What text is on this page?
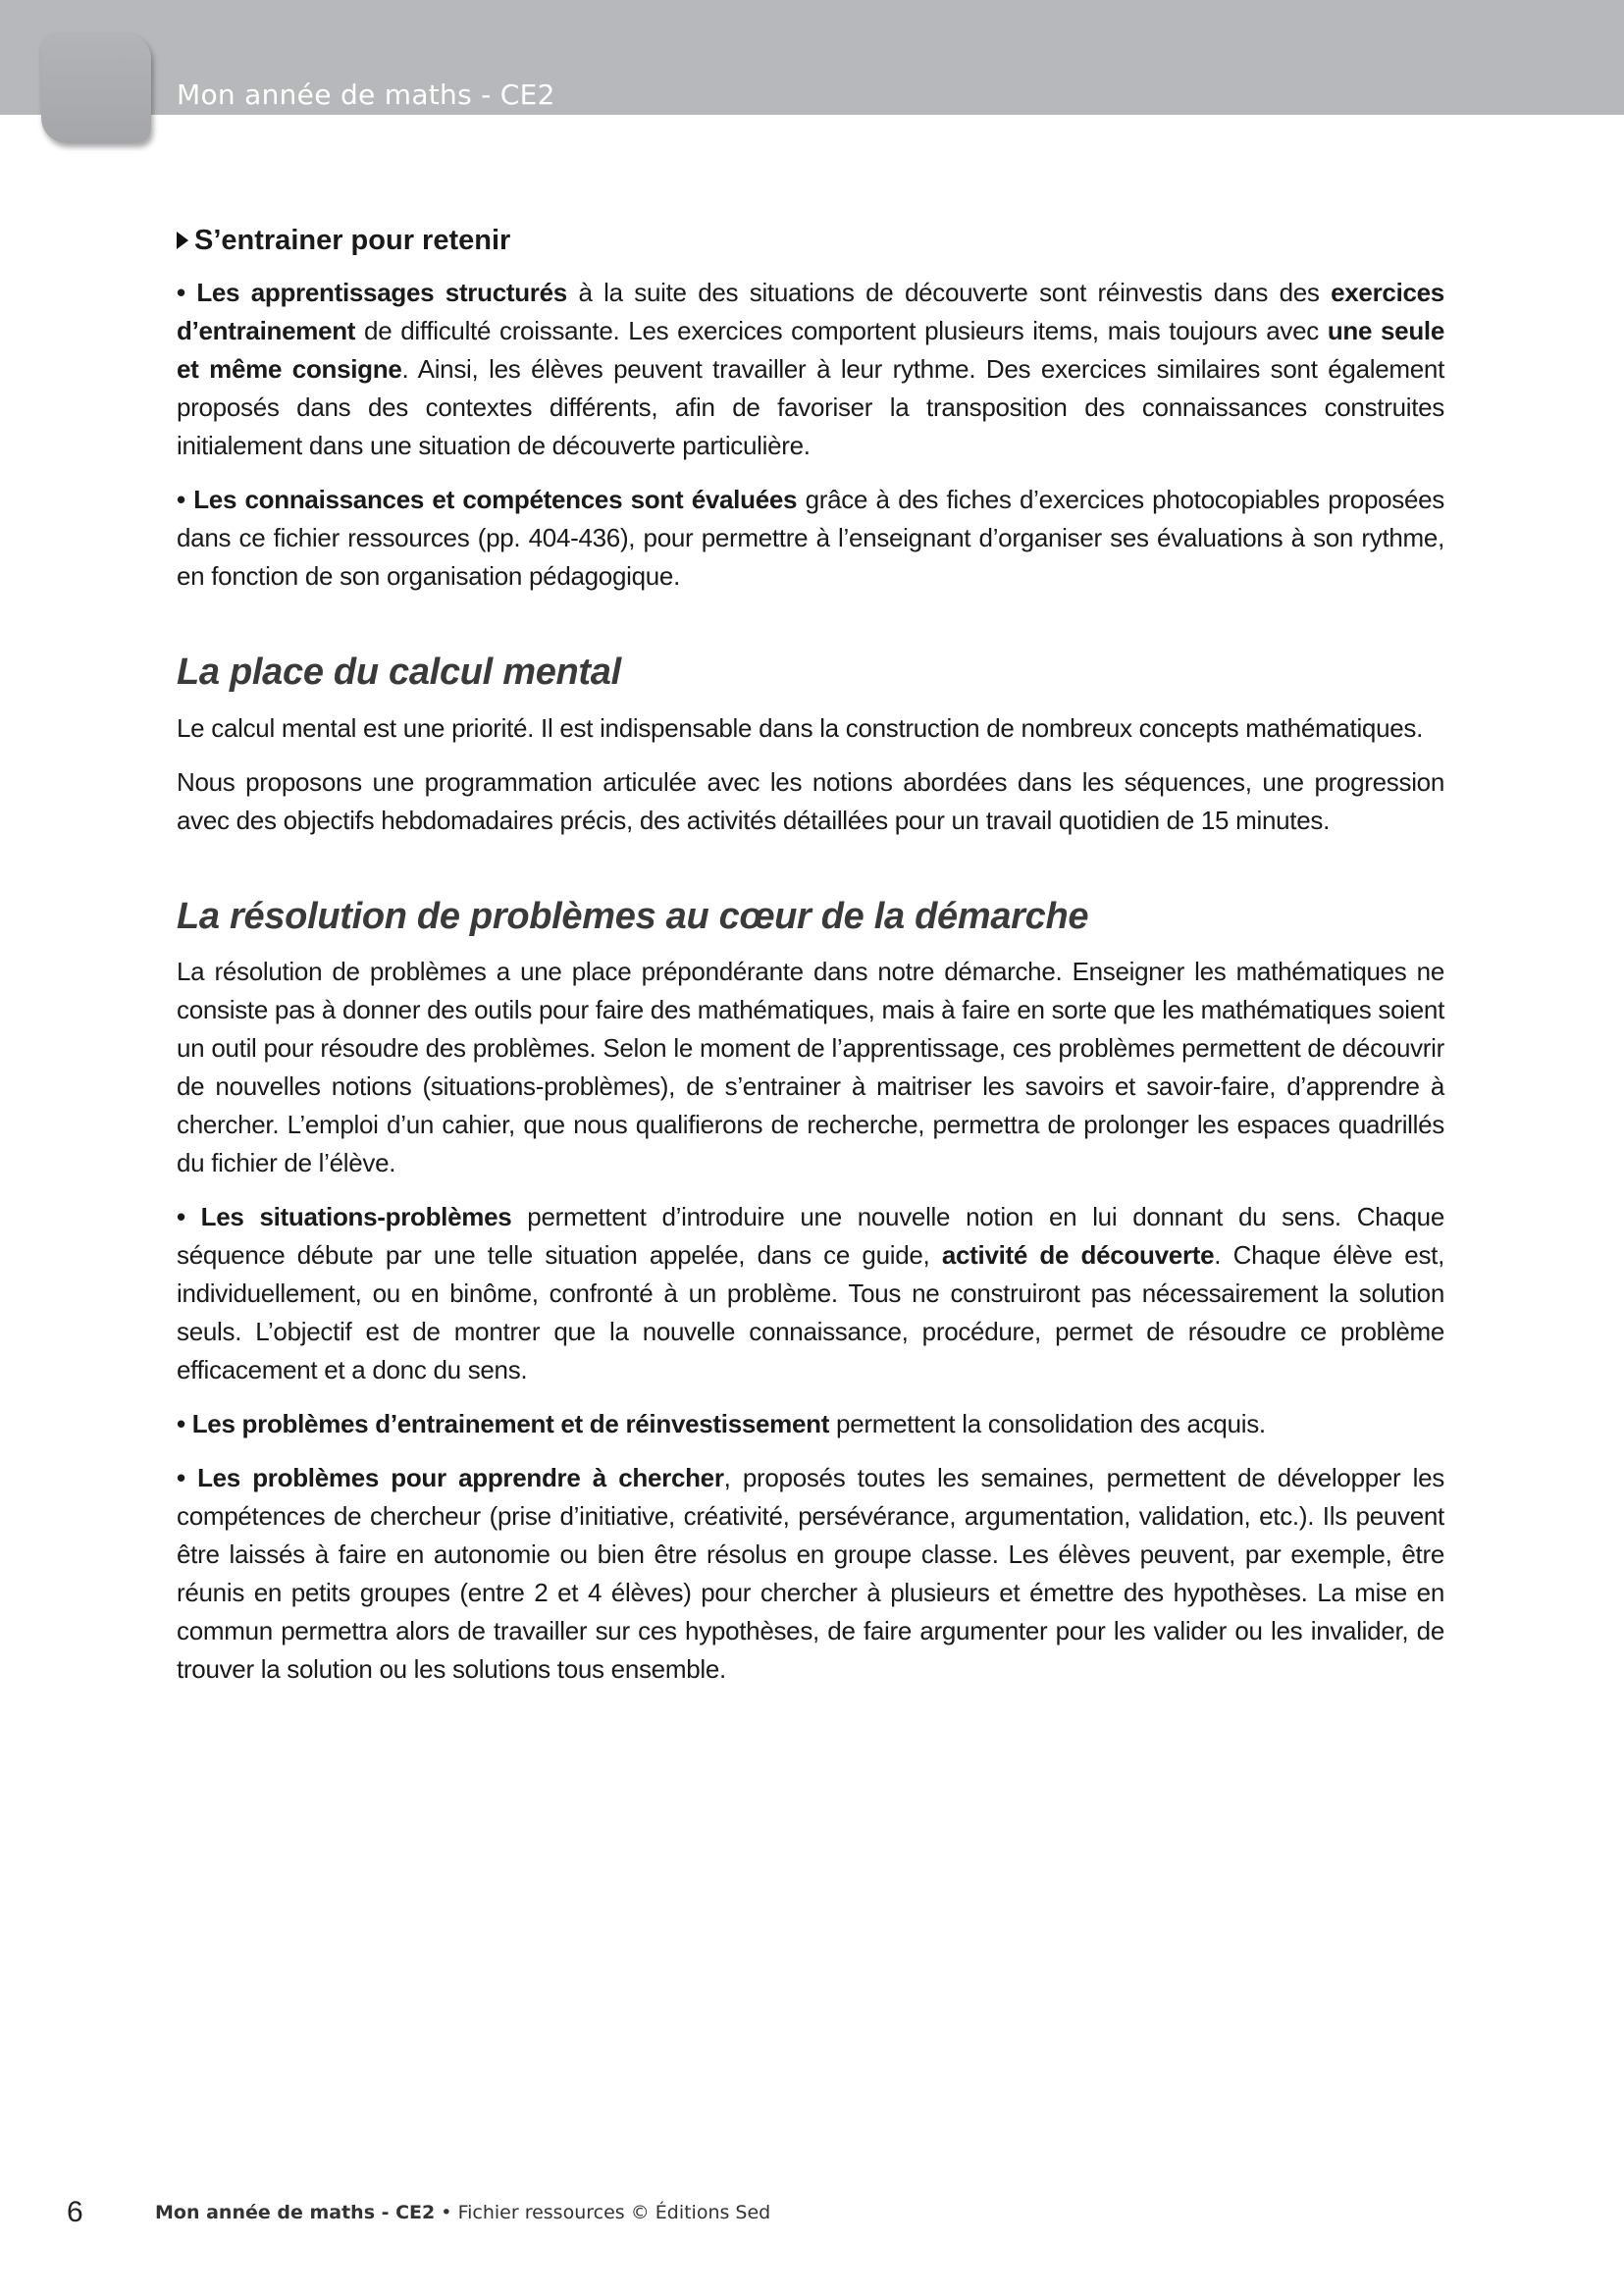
Mon année de maths - CE2
S’entrainer pour retenir

• Les apprentissages structurés à la suite des situations de découverte sont réinvestis dans des exercices d’entrainement de difficulté croissante. Les exercices comportent plusieurs items, mais toujours avec une seule et même consigne. Ainsi, les élèves peuvent travailler à leur rythme. Des exercices similaires sont également proposés dans des contextes différents, afin de favoriser la transposition des connaissances construites initialement dans une situation de découverte particulière.

• Les connaissances et compétences sont évaluées grâce à des fiches d’exercices photocopiables proposées dans ce fichier ressources (pp. 404-436), pour permettre à l’enseignant d’organiser ses évaluations à son rythme, en fonction de son organisation pédagogique.

La place du calcul mental

Le calcul mental est une priorité. Il est indispensable dans la construction de nombreux concepts mathématiques.

Nous proposons une programmation articulée avec les notions abordées dans les séquences, une progression avec des objectifs hebdomadaires précis, des activités détaillées pour un travail quotidien de 15 minutes.

La résolution de problèmes au cœur de la démarche

La résolution de problèmes a une place prépondérante dans notre démarche. Enseigner les mathématiques ne consiste pas à donner des outils pour faire des mathématiques, mais à faire en sorte que les mathématiques soient un outil pour résoudre des problèmes. Selon le moment de l’apprentissage, ces problèmes permettent de découvrir de nouvelles notions (situations-problèmes), de s’entrainer à maitriser les savoirs et savoir-faire, d’apprendre à chercher. L’emploi d’un cahier, que nous qualifierons de recherche, permettra de prolonger les espaces quadrillés du fichier de l’élève.

• Les situations-problèmes permettent d’introduire une nouvelle notion en lui donnant du sens. Chaque séquence débute par une telle situation appelée, dans ce guide, activité de découverte. Chaque élève est, individuellement, ou en binôme, confronté à un problème. Tous ne construiront pas nécessairement la solution seuls. L’objectif est de montrer que la nouvelle connaissance, procédure, permet de résoudre ce problème efficacement et a donc du sens.

• Les problèmes d’entrainement et de réinvestissement permettent la consolidation des acquis.

• Les problèmes pour apprendre à chercher, proposés toutes les semaines, permettent de développer les compétences de chercheur (prise d’initiative, créativité, persévérance, argumentation, validation, etc.). Ils peuvent être laissés à faire en autonomie ou bien être résolus en groupe classe. Les élèves peuvent, par exemple, être réunis en petits groupes (entre 2 et 4 élèves) pour chercher à plusieurs et émettre des hypothèses. La mise en commun permettra alors de travailler sur ces hypothèses, de faire argumenter pour les valider ou les invalider, de trouver la solution ou les solutions tous ensemble.

6	Mon année de maths - CE2 • Fichier ressources © Éditions Sed
